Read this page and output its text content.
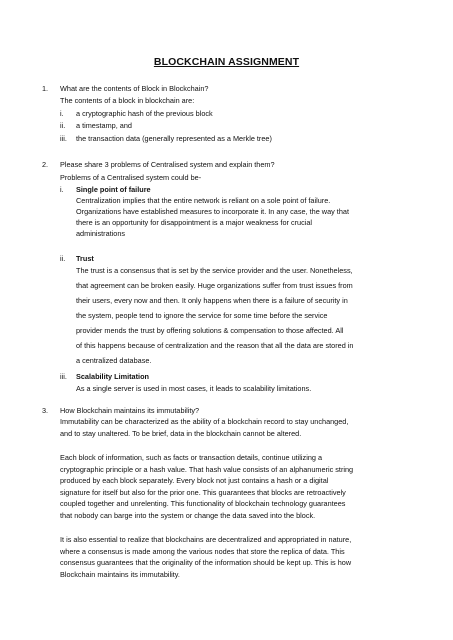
BLOCKCHAIN ASSIGNMENT
1. What are the contents of Block in Blockchain?
The contents of a block in blockchain are:
i. a cryptographic hash of the previous block
ii. a timestamp, and
iii. the transaction data (generally represented as a Merkle tree)
2. Please share 3 problems of Centralised system and explain them?
Problems of a Centralised system could be-
i. Single point of failure
Centralization implies that the entire network is reliant on a sole point of failure.
Organizations have established measures to incorporate it. In any case, the way that
there is an opportunity for disappointment is a major weakness for crucial
administrations
ii. Trust
The trust is a consensus that is set by the service provider and the user. Nonetheless,
that agreement can be broken easily. Huge organizations suffer from trust issues from
their users, every now and then. It only happens when there is a failure of security in
the system, people tend to ignore the service for some time before the service
provider mends the trust by offering solutions & compensation to those affected. All
of this happens because of centralization and the reason that all the data are stored in
a centralized database.
iii. Scalability Limitation
As a single server is used in most cases, it leads to scalability limitations.
3. How Blockchain maintains its immutability?
Immutability can be characterized as the ability of a blockchain record to stay unchanged,
and to stay unaltered. To be brief, data in the blockchain cannot be altered.
Each block of information, such as facts or transaction details, continue utilizing a
cryptographic principle or a hash value. That hash value consists of an alphanumeric string
produced by each block separately. Every block not just contains a hash or a digital
signature for itself but also for the prior one. This guarantees that blocks are retroactively
coupled together and unrelenting. This functionality of blockchain technology guarantees
that nobody can barge into the system or change the data saved into the block.
It is also essential to realize that blockchains are decentralized and appropriated in nature,
where a consensus is made among the various nodes that store the replica of data. This
consensus guarantees that the originality of the information should be kept up. This is how
Blockchain maintains its immutability.
